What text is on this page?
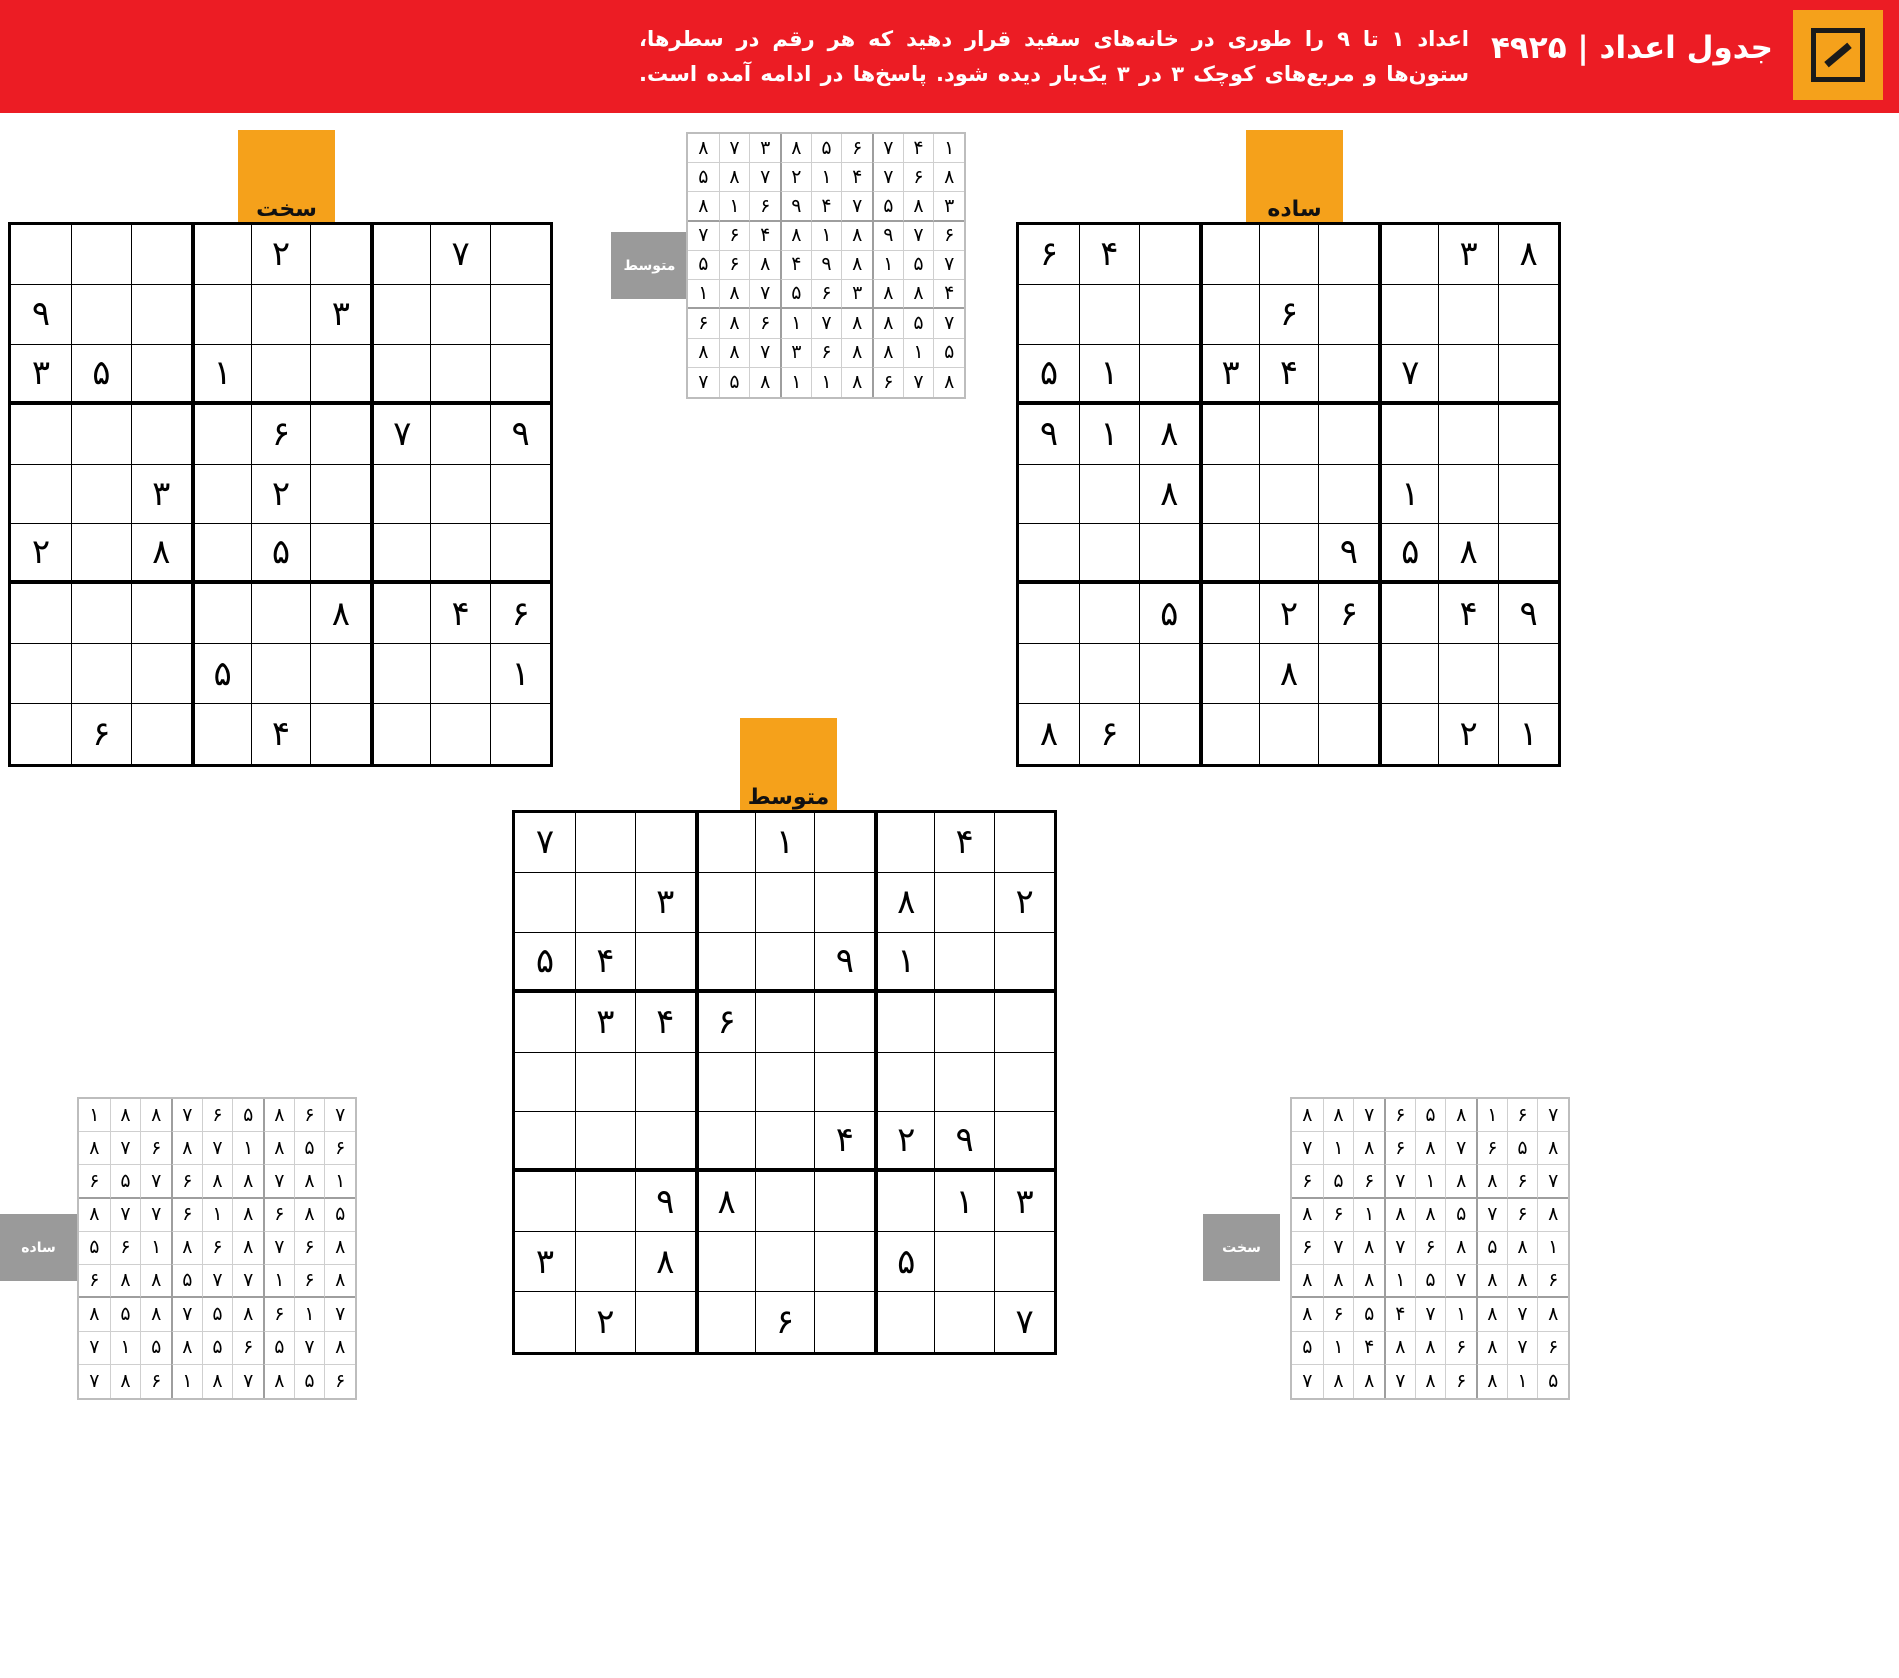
جدول اعداد | ۴۹۲۵
اعداد ۱ تا ۹ را طوری در خانه‌های سفید قرار دهید که هر رقم در سطرها، ستون‌ها و مربع‌های کوچک ۳ در ۳ یک‌بار دیده شود. پاسخ‌ها در ادامه آمده است.
سخت
۷
۲
۳
۹
۱
۵
۳
۹
۷
۶
۲
۳
۵
۸
۲
۶
۴
۸
۱
۵
۴
۶
ساده
۸
۳
۴
۶
۶
۷
۴
۳
۱
۵
۸
۱
۹
۱
۸
۸
۵
۹
۹
۴
۶
۲
۵
۸
۱
۲
۶
۸
متوسط
۴
۱
۷
۲
۸
۳
۱
۹
۴
۵
۶
۴
۳
۹
۲
۴
۳
۱
۸
۹
۵
۸
۳
۷
۶
۲
متوسط
۱
۴
۷
۶
۵
۸
۳
۷
۸
۸
۶
۷
۴
۱
۲
۷
۸
۵
۳
۸
۵
۷
۴
۹
۶
۱
۸
۶
۷
۹
۸
۱
۸
۴
۶
۷
۷
۵
۱
۸
۹
۴
۸
۶
۵
۴
۸
۸
۳
۶
۵
۷
۸
۱
۷
۵
۸
۸
۷
۱
۶
۸
۶
۵
۱
۸
۸
۶
۳
۷
۸
۸
۸
۷
۶
۸
۱
۱
۸
۵
۷
ساده
۷
۶
۸
۵
۶
۷
۸
۸
۱
۶
۵
۸
۱
۷
۸
۶
۷
۸
۱
۸
۷
۸
۸
۶
۷
۵
۶
۵
۸
۶
۸
۱
۶
۷
۷
۸
۸
۶
۷
۸
۶
۸
۱
۶
۵
۸
۶
۱
۷
۷
۵
۸
۸
۶
۷
۱
۶
۸
۵
۷
۸
۵
۸
۸
۷
۵
۶
۵
۸
۵
۱
۷
۶
۵
۸
۷
۸
۱
۶
۸
۷
سخت
۷
۶
۱
۸
۵
۶
۷
۸
۸
۸
۵
۶
۷
۸
۶
۸
۱
۷
۷
۶
۸
۸
۱
۷
۶
۵
۶
۸
۶
۷
۵
۸
۸
۱
۶
۸
۱
۸
۵
۸
۶
۷
۸
۷
۶
۶
۸
۸
۷
۵
۱
۸
۸
۸
۸
۷
۸
۱
۷
۴
۵
۶
۸
۶
۷
۸
۶
۸
۸
۴
۱
۵
۵
۱
۸
۶
۸
۷
۸
۸
۷
